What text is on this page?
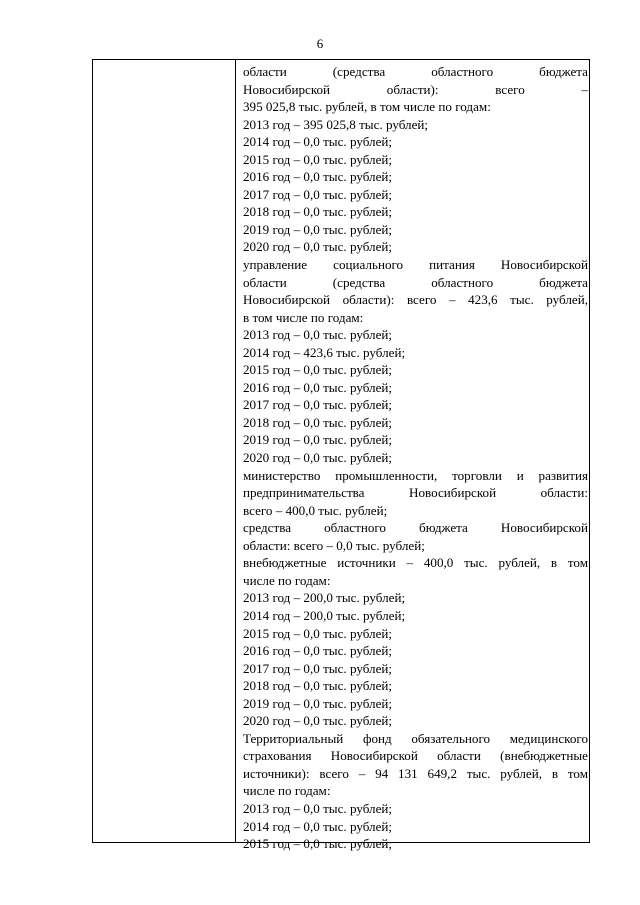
6
области (средства областного бюджета
Новосибирской области): всего –
395 025,8 тыс. рублей, в том числе по годам:
2013 год – 395 025,8 тыс. рублей;
2014 год – 0,0 тыс. рублей;
2015 год – 0,0 тыс. рублей;
2016 год – 0,0 тыс. рублей;
2017 год – 0,0 тыс. рублей;
2018 год – 0,0 тыс. рублей;
2019 год – 0,0 тыс. рублей;
2020 год – 0,0 тыс. рублей;
управление социального питания Новосибирской
области (средства областного бюджета
Новосибирской области): всего – 423,6 тыс. рублей,
в том числе по годам:
2013 год – 0,0 тыс. рублей;
2014 год – 423,6 тыс. рублей;
2015 год – 0,0 тыс. рублей;
2016 год – 0,0 тыс. рублей;
2017 год – 0,0 тыс. рублей;
2018 год – 0,0 тыс. рублей;
2019 год – 0,0 тыс. рублей;
2020 год – 0,0 тыс. рублей;
министерство промышленности, торговли и развития
предпринимательства Новосибирской области:
всего – 400,0 тыс. рублей;
средства областного бюджета Новосибирской
области: всего – 0,0 тыс. рублей;
внебюджетные источники – 400,0 тыс. рублей, в том
числе по годам:
2013 год – 200,0 тыс. рублей;
2014 год – 200,0 тыс. рублей;
2015 год – 0,0 тыс. рублей;
2016 год – 0,0 тыс. рублей;
2017 год – 0,0 тыс. рублей;
2018 год – 0,0 тыс. рублей;
2019 год – 0,0 тыс. рублей;
2020 год – 0,0 тыс. рублей;
Территориальный фонд обязательного медицинского
страхования Новосибирской области (внебюджетные
источники): всего – 94 131 649,2 тыс. рублей, в том
числе по годам:
2013 год – 0,0 тыс. рублей;
2014 год – 0,0 тыс. рублей;
2015 год – 0,0 тыс. рублей;
